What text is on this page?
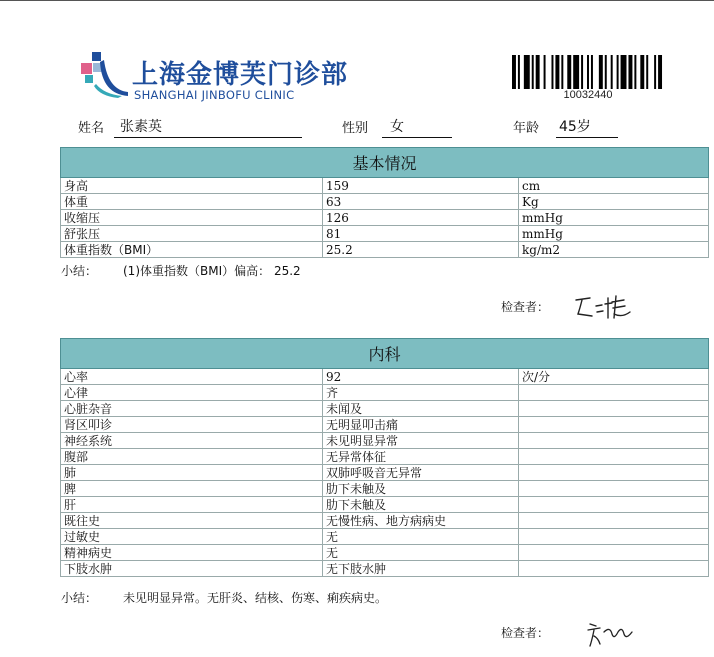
上海金博芙门诊部
SHANGHAI JINBOFU CLINIC	10032440
姓名 张素英	性别 女	年龄 45岁
基本情况		
身高	159	cm
体重	63	Kg
收缩压	126	mmHg
舒张压	81	mmHg
体重指数（BMI）	25.2	kg/m2
小结： (1)体重指数（BMI）偏高： 25.2
检查者：
内科		
心率	92	次/分
心律	齐	
心脏杂音	未闻及	
肾区叩诊	无明显叩击痛	
神经系统	未见明显异常	
腹部	无异常体征	
肺	双肺呼吸音无异常	
脾	肋下未触及	
肝	肋下未触及	
既往史	无慢性病、地方病病史	
过敏史	无	
精神病史	无	
下肢水肿	无下肢水肿	
小结： 未见明显异常。无肝炎、结核、伤寒、痢疾病史。
检查者：
